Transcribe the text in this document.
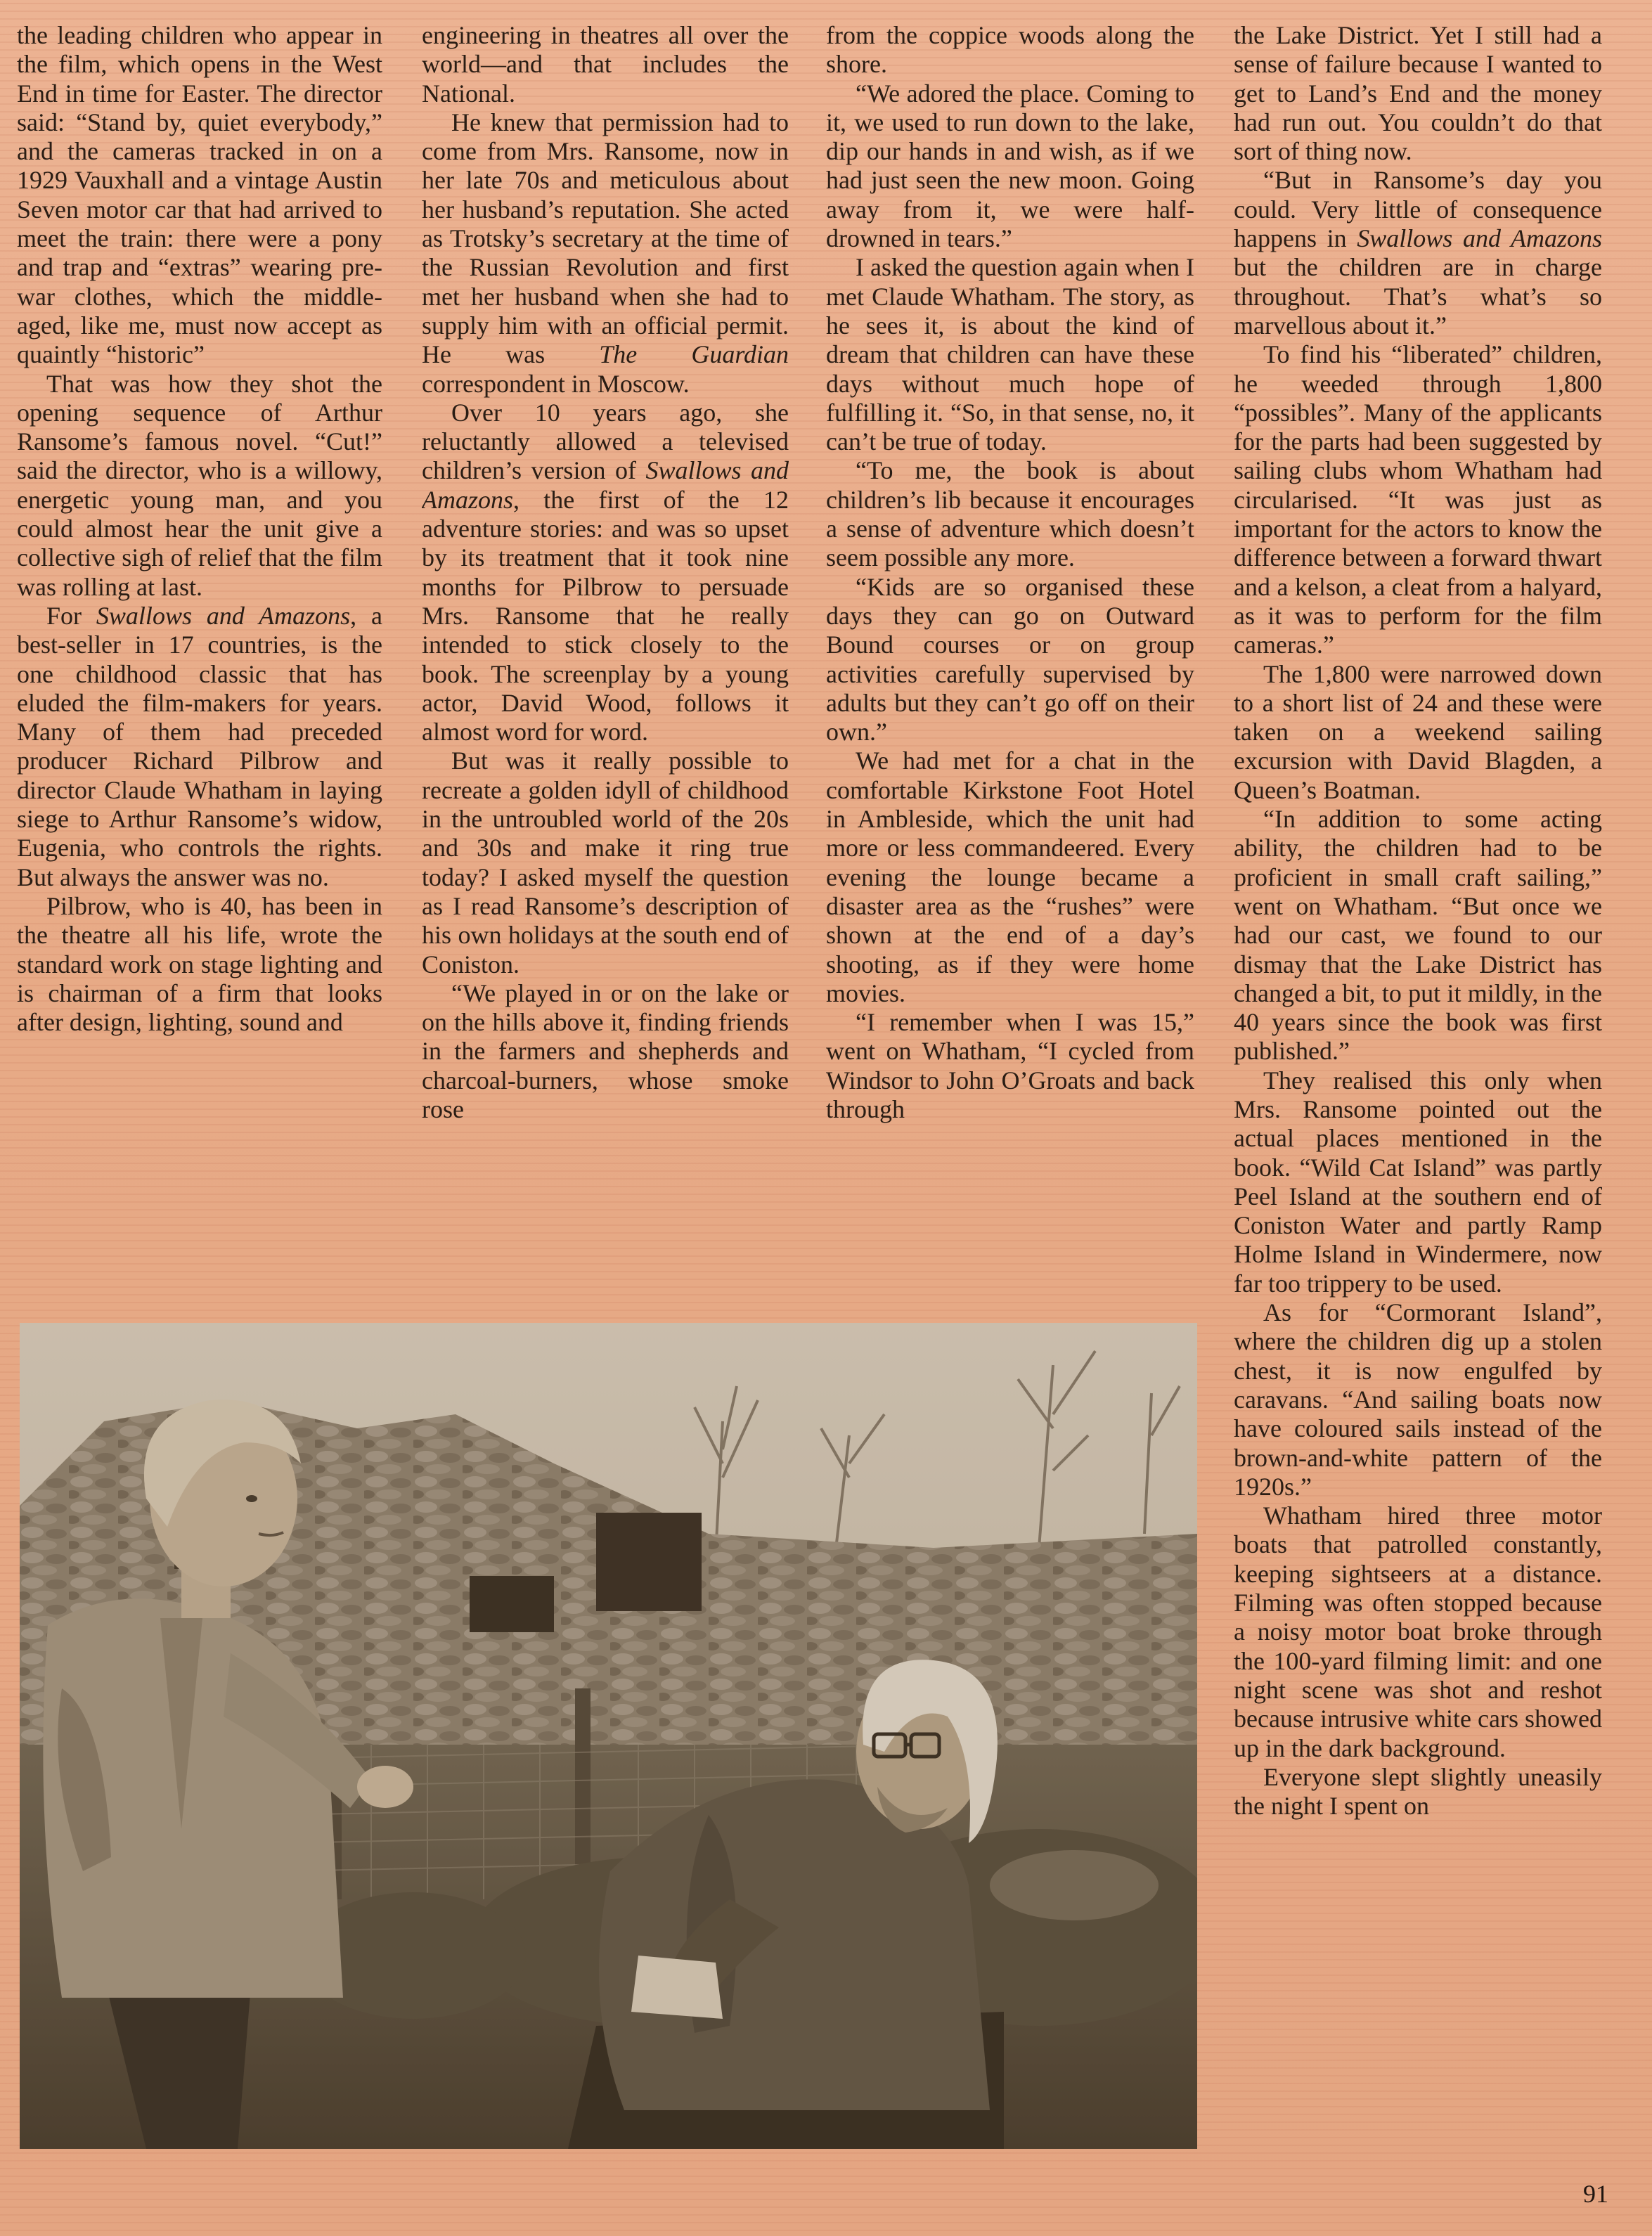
the leading children who appear in the film, which opens in the West End in time for Easter. The director said: “Stand by, quiet everybody,” and the cameras tracked in on a 1929 Vauxhall and a vintage Austin Seven motor car that had arrived to meet the train: there were a pony and trap and “extras” wearing pre-war clothes, which the middle-aged, like me, must now accept as quaintly “historic”

That was how they shot the opening sequence of Arthur Ransome’s famous novel. “Cut!” said the director, who is a willowy, energetic young man, and you could almost hear the unit give a collective sigh of relief that the film was rolling at last.

For Swallows and Amazons, a best-seller in 17 countries, is the one childhood classic that has eluded the film-makers for years. Many of them had preceded producer Richard Pilbrow and director Claude Whatham in laying siege to Arthur Ransome’s widow, Eugenia, who controls the rights. But always the answer was no.

Pilbrow, who is 40, has been in the theatre all his life, wrote the standard work on stage lighting and is chairman of a firm that looks after design, lighting, sound and

engineering in theatres all over the world—and that includes the National.

He knew that permission had to come from Mrs. Ransome, now in her late 70s and meticulous about her husband’s reputation. She acted as Trotsky’s secretary at the time of the Russian Revolution and first met her husband when she had to supply him with an official permit. He was The Guardian correspondent in Moscow.

Over 10 years ago, she reluctantly allowed a televised children’s version of Swallows and Amazons, the first of the 12 adventure stories: and was so upset by its treatment that it took nine months for Pilbrow to persuade Mrs. Ransome that he really intended to stick closely to the book. The screenplay by a young actor, David Wood, follows it almost word for word.

But was it really possible to recreate a golden idyll of childhood in the untroubled world of the 20s and 30s and make it ring true today? I asked myself the question as I read Ransome’s description of his own holidays at the south end of Coniston.

“We played in or on the lake or on the hills above it, finding friends in the farmers and shepherds and charcoal-burners, whose smoke rose

from the coppice woods along the shore.

“We adored the place. Coming to it, we used to run down to the lake, dip our hands in and wish, as if we had just seen the new moon. Going away from it, we were half-drowned in tears.”

I asked the question again when I met Claude Whatham. The story, as he sees it, is about the kind of dream that children can have these days without much hope of fulfilling it. “So, in that sense, no, it can’t be true of today.

“To me, the book is about children’s lib because it encourages a sense of adventure which doesn’t seem possible any more.

“Kids are so organised these days they can go on Outward Bound courses or on group activities carefully supervised by adults but they can’t go off on their own.”

We had met for a chat in the comfortable Kirkstone Foot Hotel in Ambleside, which the unit had more or less commandeered. Every evening the lounge became a disaster area as the “rushes” were shown at the end of a day’s shooting, as if they were home movies.

“I remember when I was 15,” went on Whatham, “I cycled from Windsor to John O’Groats and back through

the Lake District. Yet I still had a sense of failure because I wanted to get to Land’s End and the money had run out. You couldn’t do that sort of thing now.

“But in Ransome’s day you could. Very little of consequence happens in Swallows and Amazons but the children are in charge throughout. That’s what’s so marvellous about it.”

To find his “liberated” children, he weeded through 1,800 “possibles”. Many of the applicants for the parts had been suggested by sailing clubs whom Whatham had circularised. “It was just as important for the actors to know the difference between a forward thwart and a kelson, a cleat from a halyard, as it was to perform for the film cameras.”

The 1,800 were narrowed down to a short list of 24 and these were taken on a weekend sailing excursion with David Blagden, a Queen’s Boatman.

“In addition to some acting ability, the children had to be proficient in small craft sailing,” went on Whatham. “But once we had our cast, we found to our dismay that the Lake District has changed a bit, to put it mildly, in the 40 years since the book was first published.”

They realised this only when Mrs. Ransome pointed out the actual places mentioned in the book. “Wild Cat Island” was partly Peel Island at the southern end of Coniston Water and partly Ramp Holme Island in Windermere, now far too trippery to be used.

As for “Cormorant Island”, where the children dig up a stolen chest, it is now engulfed by caravans. “And sailing boats now have coloured sails instead of the brown-and-white pattern of the 1920s.”

Whatham hired three motor boats that patrolled constantly, keeping sightseers at a distance. Filming was often stopped because a noisy motor boat broke through the 100-yard filming limit: and one night scene was shot and reshot because intrusive white cars showed up in the dark background.

Everyone slept slightly uneasily the night I spent on

91
